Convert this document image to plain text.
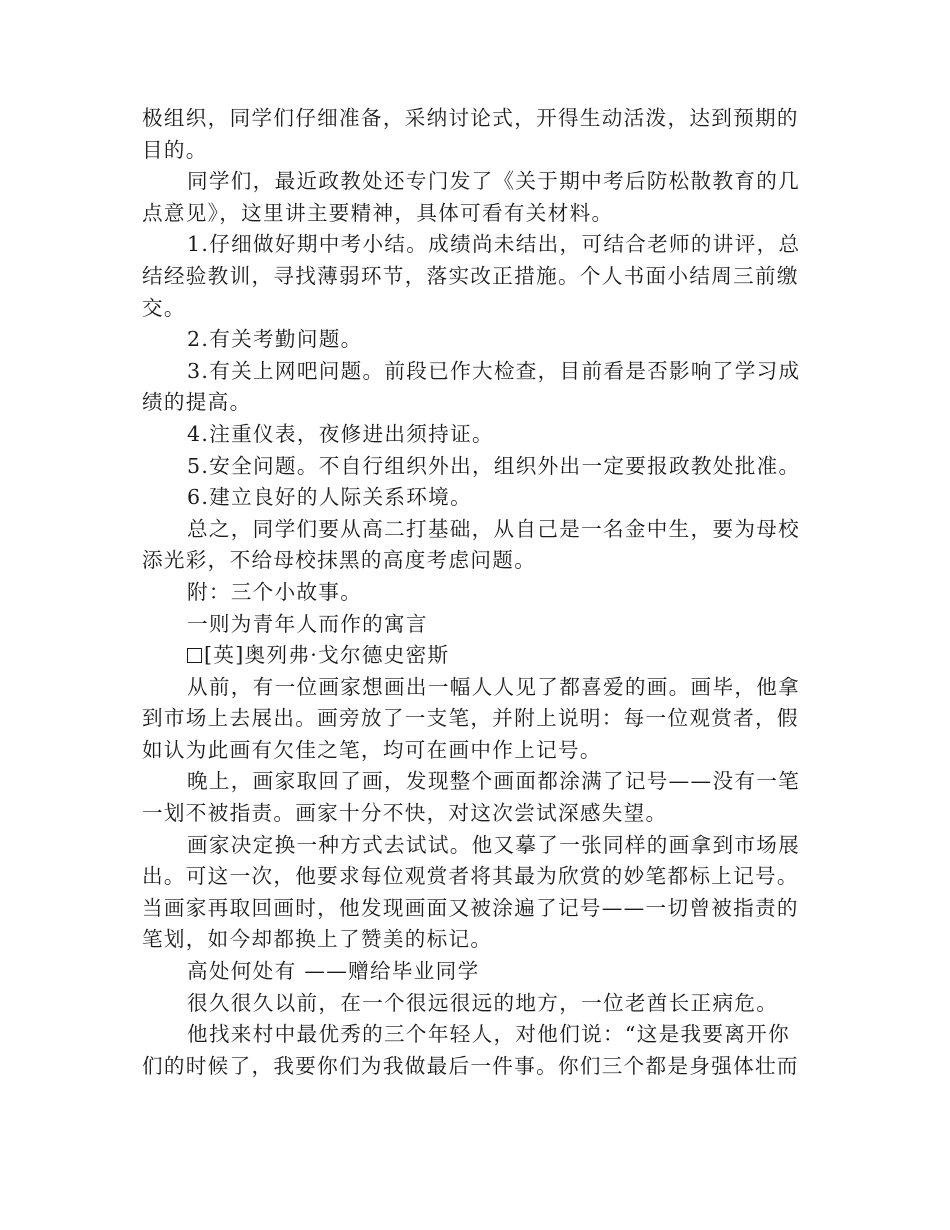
极组织，同学们仔细准备，采纳讨论式，开得生动活泼，达到预期的
目的。
同学们，最近政教处还专门发了《关于期中考后防松散教育的几
点意见》，这里讲主要精神，具体可看有关材料。
1.仔细做好期中考小结。成绩尚未结出，可结合老师的讲评，总
结经验教训，寻找薄弱环节，落实改正措施。个人书面小结周三前缴
交。
2.有关考勤问题。
3.有关上网吧问题。前段已作大检查，目前看是否影响了学习成
绩的提高。
4.注重仪表，夜修进出须持证。
5.安全问题。不自行组织外出，组织外出一定要报政教处批准。
6.建立良好的人际关系环境。
总之，同学们要从高二打基础，从自己是一名金中生，要为母校
添光彩，不给母校抹黑的高度考虑问题。
附：三个小故事。
一则为青年人而作的寓言
[英]奥列弗·戈尔德史密斯
从前，有一位画家想画出一幅人人见了都喜爱的画。画毕，他拿
到市场上去展出。画旁放了一支笔，并附上说明：每一位观赏者，假
如认为此画有欠佳之笔，均可在画中作上记号。
晚上，画家取回了画，发现整个画面都涂满了记号——没有一笔
一划不被指责。画家十分不快，对这次尝试深感失望。
画家决定换一种方式去试试。他又摹了一张同样的画拿到市场展
出。可这一次，他要求每位观赏者将其最为欣赏的妙笔都标上记号。
当画家再取回画时，他发现画面又被涂遍了记号——一切曾被指责的
笔划，如今却都换上了赞美的标记。
高处何处有 ——赠给毕业同学
很久很久以前，在一个很远很远的地方，一位老酋长正病危。
他找来村中最优秀的三个年轻人，对他们说：“这是我要离开你
们的时候了，我要你们为我做最后一件事。你们三个都是身强体壮而
